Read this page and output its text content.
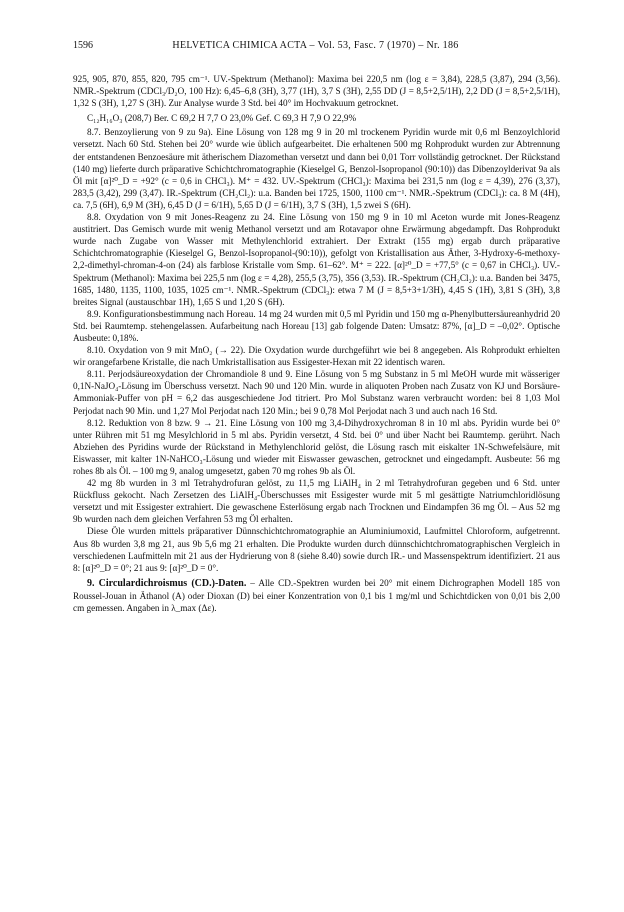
1596	HELVETICA CHIMICA ACTA – Vol. 53, Fasc. 7 (1970) – Nr. 186

925, 905, 870, 855, 820, 795 cm⁻¹. UV.-Spektrum (Methanol): Maxima bei 220,5 nm (log ε = 3,84), 228,5 (3,87), 294 (3,56). NMR.-Spektrum (CDCl₃/D₂O, 100 Hz): 6,45–6,8 (3H), 3,77 (1H), 3,7 S (3H), 2,55 DD (J = 8,5+2,5/1H), 2,2 DD (J = 8,5+2,5/1H), 1,32 S (3H), 1,27 S (3H). Zur Analyse wurde 3 Std. bei 40° im Hochvakuum getrocknet.

C₁₂H₁₆O₃ (208,7) Ber. C 69,2 H 7,7 O 23,0% Gef. C 69,3 H 7,9 O 22,9%

8.7. Benzoylierung von 9 zu 9a). Eine Lösung von 128 mg 9 in 20 ml trockenem Pyridin wurde mit 0,6 ml Benzoylchlorid versetzt. Nach 60 Std. Stehen bei 20° wurde wie üblich aufgearbeitet. Die erhaltenen 500 mg Rohprodukt wurden zur Abtrennung der entstandenen Benzoesäure mit ätherischem Diazomethan versetzt und dann bei 0,01 Torr vollständig getrocknet. Der Rückstand (140 mg) lieferte durch präparative Schichtchromatographie (Kieselgel G, Benzol-Isopropanol (90:10)) das Dibenzoylderivat 9a als Öl mit [α]²⁰_D = +92° (c = 0,6 in CHCl₃). M⁺ = 432. UV.-Spektrum (CHCl₃): Maxima bei 231,5 nm (log ε = 4,39), 276 (3,37), 283,5 (3,42), 299 (3,47). IR.-Spektrum (CH₂Cl₂): u.a. Banden bei 1725, 1500, 1100 cm⁻¹. NMR.-Spektrum (CDCl₃): ca. 8 M (4H), ca. 7,5 (6H), 6,9 M (3H), 6,45 D (J = 6/1H), 5,65 D (J = 6/1H), 3,7 S (3H), 1,5 zwei S (6H).

8.8. Oxydation von 9 mit Jones-Reagenz zu 24. Eine Lösung von 150 mg 9 in 10 ml Aceton wurde mit Jones-Reagenz austitriert. Das Gemisch wurde mit wenig Methanol versetzt und am Rotavapor ohne Erwärmung abgedampft. Das Rohprodukt wurde nach Zugabe von Wasser mit Methylenchlorid extrahiert. Der Extrakt (155 mg) ergab durch präparative Schichtchromatographie (Kieselgel G, Benzol-Isopropanol-(90:10)), gefolgt von Kristallisation aus Äther, 3-Hydroxy-6-methoxy-2,2-dimethyl-chroman-4-on (24) als farblose Kristalle vom Smp. 61–62°. M⁺ = 222. [α]²⁰_D = +77,5° (c = 0,67 in CHCl₃). UV.-Spektrum (Methanol): Maxima bei 225,5 nm (log ε = 4,28), 255,5 (3,75), 356 (3,53). IR.-Spektrum (CH₂Cl₂): u.a. Banden bei 3475, 1685, 1480, 1135, 1100, 1035, 1025 cm⁻¹. NMR.-Spektrum (CDCl₃): etwa 7 M (J = 8,5+3+1/3H), 4,45 S (1H), 3,81 S (3H), 3,8 breites Signal (austauschbar 1H), 1,65 S und 1,20 S (6H).

8.9. Konfigurationsbestimmung nach Horeau. 14 mg 24 wurden mit 0,5 ml Pyridin und 150 mg α-Phenylbuttersäureanhydrid 20 Std. bei Raumtemp. stehengelassen. Aufarbeitung nach Horeau [13] gab folgende Daten: Umsatz: 87%, [α]_D = –0,02°. Optische Ausbeute: 0,18%.

8.10. Oxydation von 9 mit MnO₂ (→ 22). Die Oxydation wurde durchgeführt wie bei 8 angegeben. Als Rohprodukt erhielten wir orangefarbene Kristalle, die nach Umkristallisation aus Essigester-Hexan mit 22 identisch waren.

8.11. Perjodsäureoxydation der Chromandiole 8 und 9. Eine Lösung von 5 mg Substanz in 5 ml MeOH wurde mit wässeriger 0,1N-NaJO₄-Lösung im Überschuss versetzt. Nach 90 und 120 Min. wurde in aliquoten Proben nach Zusatz von KJ und Borsäure-Ammoniak-Puffer von pH = 6,2 das ausgeschiedene Jod titriert. Pro Mol Substanz waren verbraucht worden: bei 8 1,03 Mol Perjodat nach 90 Min. und 1,27 Mol Perjodat nach 120 Min.; bei 9 0,78 Mol Perjodat nach 3 und auch nach 16 Std.

8.12. Reduktion von 8 bzw. 9 → 21. Eine Lösung von 100 mg 3,4-Dihydroxychroman 8 in 10 ml abs. Pyridin wurde bei 0° unter Rühren mit 51 mg Mesylchlorid in 5 ml abs. Pyridin versetzt, 4 Std. bei 0° und über Nacht bei Raumtemp. gerührt. Nach Abziehen des Pyridins wurde der Rückstand in Methylenchlorid gelöst, die Lösung rasch mit eiskalter 1N-Schwefelsäure, mit Eiswasser, mit kalter 1N-NaHCO₃-Lösung und wieder mit Eiswasser gewaschen, getrocknet und eingedampft. Ausbeute: 56 mg rohes 8b als Öl. – 100 mg 9, analog umgesetzt, gaben 70 mg rohes 9b als Öl.

42 mg 8b wurden in 3 ml Tetrahydrofuran gelöst, zu 11,5 mg LiAlH₄ in 2 ml Tetrahydrofuran gegeben und 6 Std. unter Rückfluss gekocht. Nach Zersetzen des LiAlH₄-Überschusses mit Essigester wurde mit 5 ml gesättigte Natriumchloridlösung versetzt und mit Essigester extrahiert. Die gewaschene Esterlösung ergab nach Trocknen und Eindampfen 36 mg Öl. – Aus 52 mg 9b wurden nach dem gleichen Verfahren 53 mg Öl erhalten.

Diese Öle wurden mittels präparativer Dünnschichtchromatographie an Aluminiumoxid, Laufmittel Chloroform, aufgetrennt. Aus 8b wurden 3,8 mg 21, aus 9b 5,6 mg 21 erhalten. Die Produkte wurden durch dünnschichtchromatographischen Vergleich in verschiedenen Laufmitteln mit 21 aus der Hydrierung von 8 (siehe 8.40) sowie durch IR.- und Massenspektrum identifiziert. 21 aus 8: [α]²⁰_D = 0°; 21 aus 9: [α]²⁰_D = 0°.

9. Circulardichroismus (CD.)-Daten. – Alle CD.-Spektren wurden bei 20° mit einem Dichrographen Modell 185 von Roussel-Jouan in Äthanol (A) oder Dioxan (D) bei einer Konzentration von 0,1 bis 1 mg/ml und Schichtdicken von 0,01 bis 2,00 cm gemessen. Angaben in λ_max (Δε).
